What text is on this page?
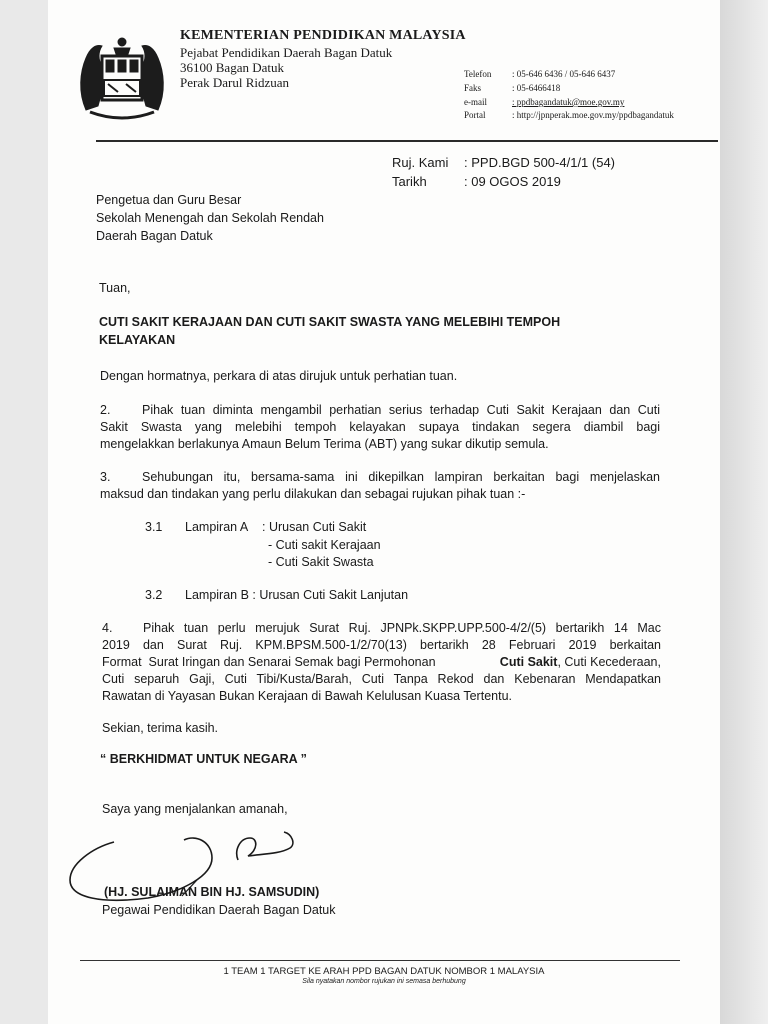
KEMENTERIAN PENDIDIKAN MALAYSIA
Pejabat Pendidikan Daerah Bagan Datuk
36100 Bagan Datuk
Perak Darul Ridzuan
Telefon : 05-646 6436 / 05-646 6437
Faks	: 05-6466418
e-mail	: ppdbagandatuk@moe.gov.my
Portal	: http://jpnperak.moe.gov.my/ppdbagandatuk
Ruj. Kami : PPD.BGD 500-4/1/1 (54)
Tarikh	: 09 OGOS 2019
Pengetua dan Guru Besar
Sekolah Menengah dan Sekolah Rendah
Daerah Bagan Datuk
Tuan,
CUTI SAKIT KERAJAAN DAN CUTI SAKIT SWASTA YANG MELEBIHI TEMPOH
KELAYAKAN
Dengan hormatnya, perkara di atas dirujuk untuk perhatian tuan.
2.	Pihak tuan diminta mengambil perhatian serius terhadap Cuti Sakit Kerajaan dan Cuti
Sakit Swasta yang melebihi tempoh kelayakan supaya tindakan segera diambil bagi
mengelakkan berlakunya Amaun Belum Terima (ABT) yang sukar dikutip semula.
3.	Sehubungan itu, bersama-sama ini dikepilkan lampiran berkaitan bagi menjelaskan
maksud dan tindakan yang perlu dilakukan dan sebagai rujukan pihak tuan :-
3.1 Lampiran A : Urusan Cuti Sakit
- Cuti sakit Kerajaan
- Cuti Sakit Swasta
3.2 Lampiran B : Urusan Cuti Sakit Lanjutan
4. Pihak tuan perlu merujuk Surat Ruj. JPNPk.SKPP.UPP.500-4/2/(5) bertarikh 14 Mac
2019 dan Surat Ruj. KPM.BPSM.500-1/2/70(13) bertarikh 28 Februari 2019 berkaitan
Format  Surat Iringan dan Senarai Semak bagi Permohonan	Cuti Sakit , Cuti Kecederaan,
Cuti separuh Gaji, Cuti Tibi/Kusta/Barah, Cuti Tanpa Rekod dan Kebenaran Mendapatkan
Rawatan di Yayasan Bukan Kerajaan di Bawah Kelulusan Kuasa Tertentu.
Sekian, terima kasih.
“ BERKHIDMAT UNTUK NEGARA ”
Saya yang menjalankan amanah,
(HJ. SULAIMAN BIN HJ. SAMSUDIN)
Pegawai Pendidikan Daerah Bagan Datuk
1 TEAM 1 TARGET KE ARAH PPD BAGAN DATUK NOMBOR 1 MALAYSIA
Sila nyatakan nombor rujukan ini semasa berhubung
